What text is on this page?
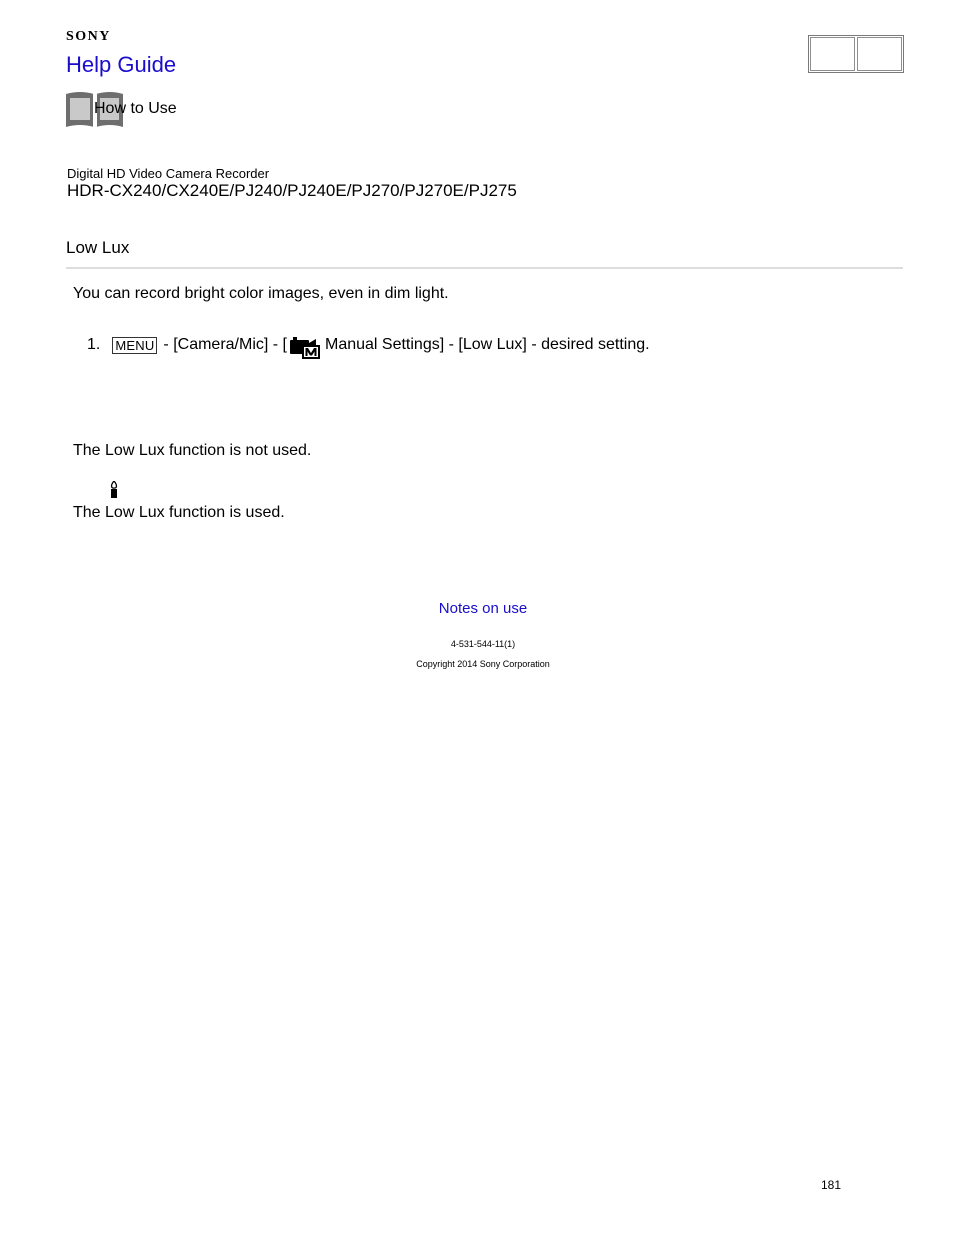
SONY
Help Guide
How to Use
Digital HD Video Camera Recorder
HDR-CX240/CX240E/PJ240/PJ240E/PJ270/PJ270E/PJ275
Low Lux
You can record bright color images, even in dim light.
1. MENU - [Camera/Mic] - [ Manual Settings] - [Low Lux] - desired setting.
The Low Lux function is not used.
The Low Lux function is used.
Notes on use
4-531-544-11(1)
Copyright 2014 Sony Corporation
181
